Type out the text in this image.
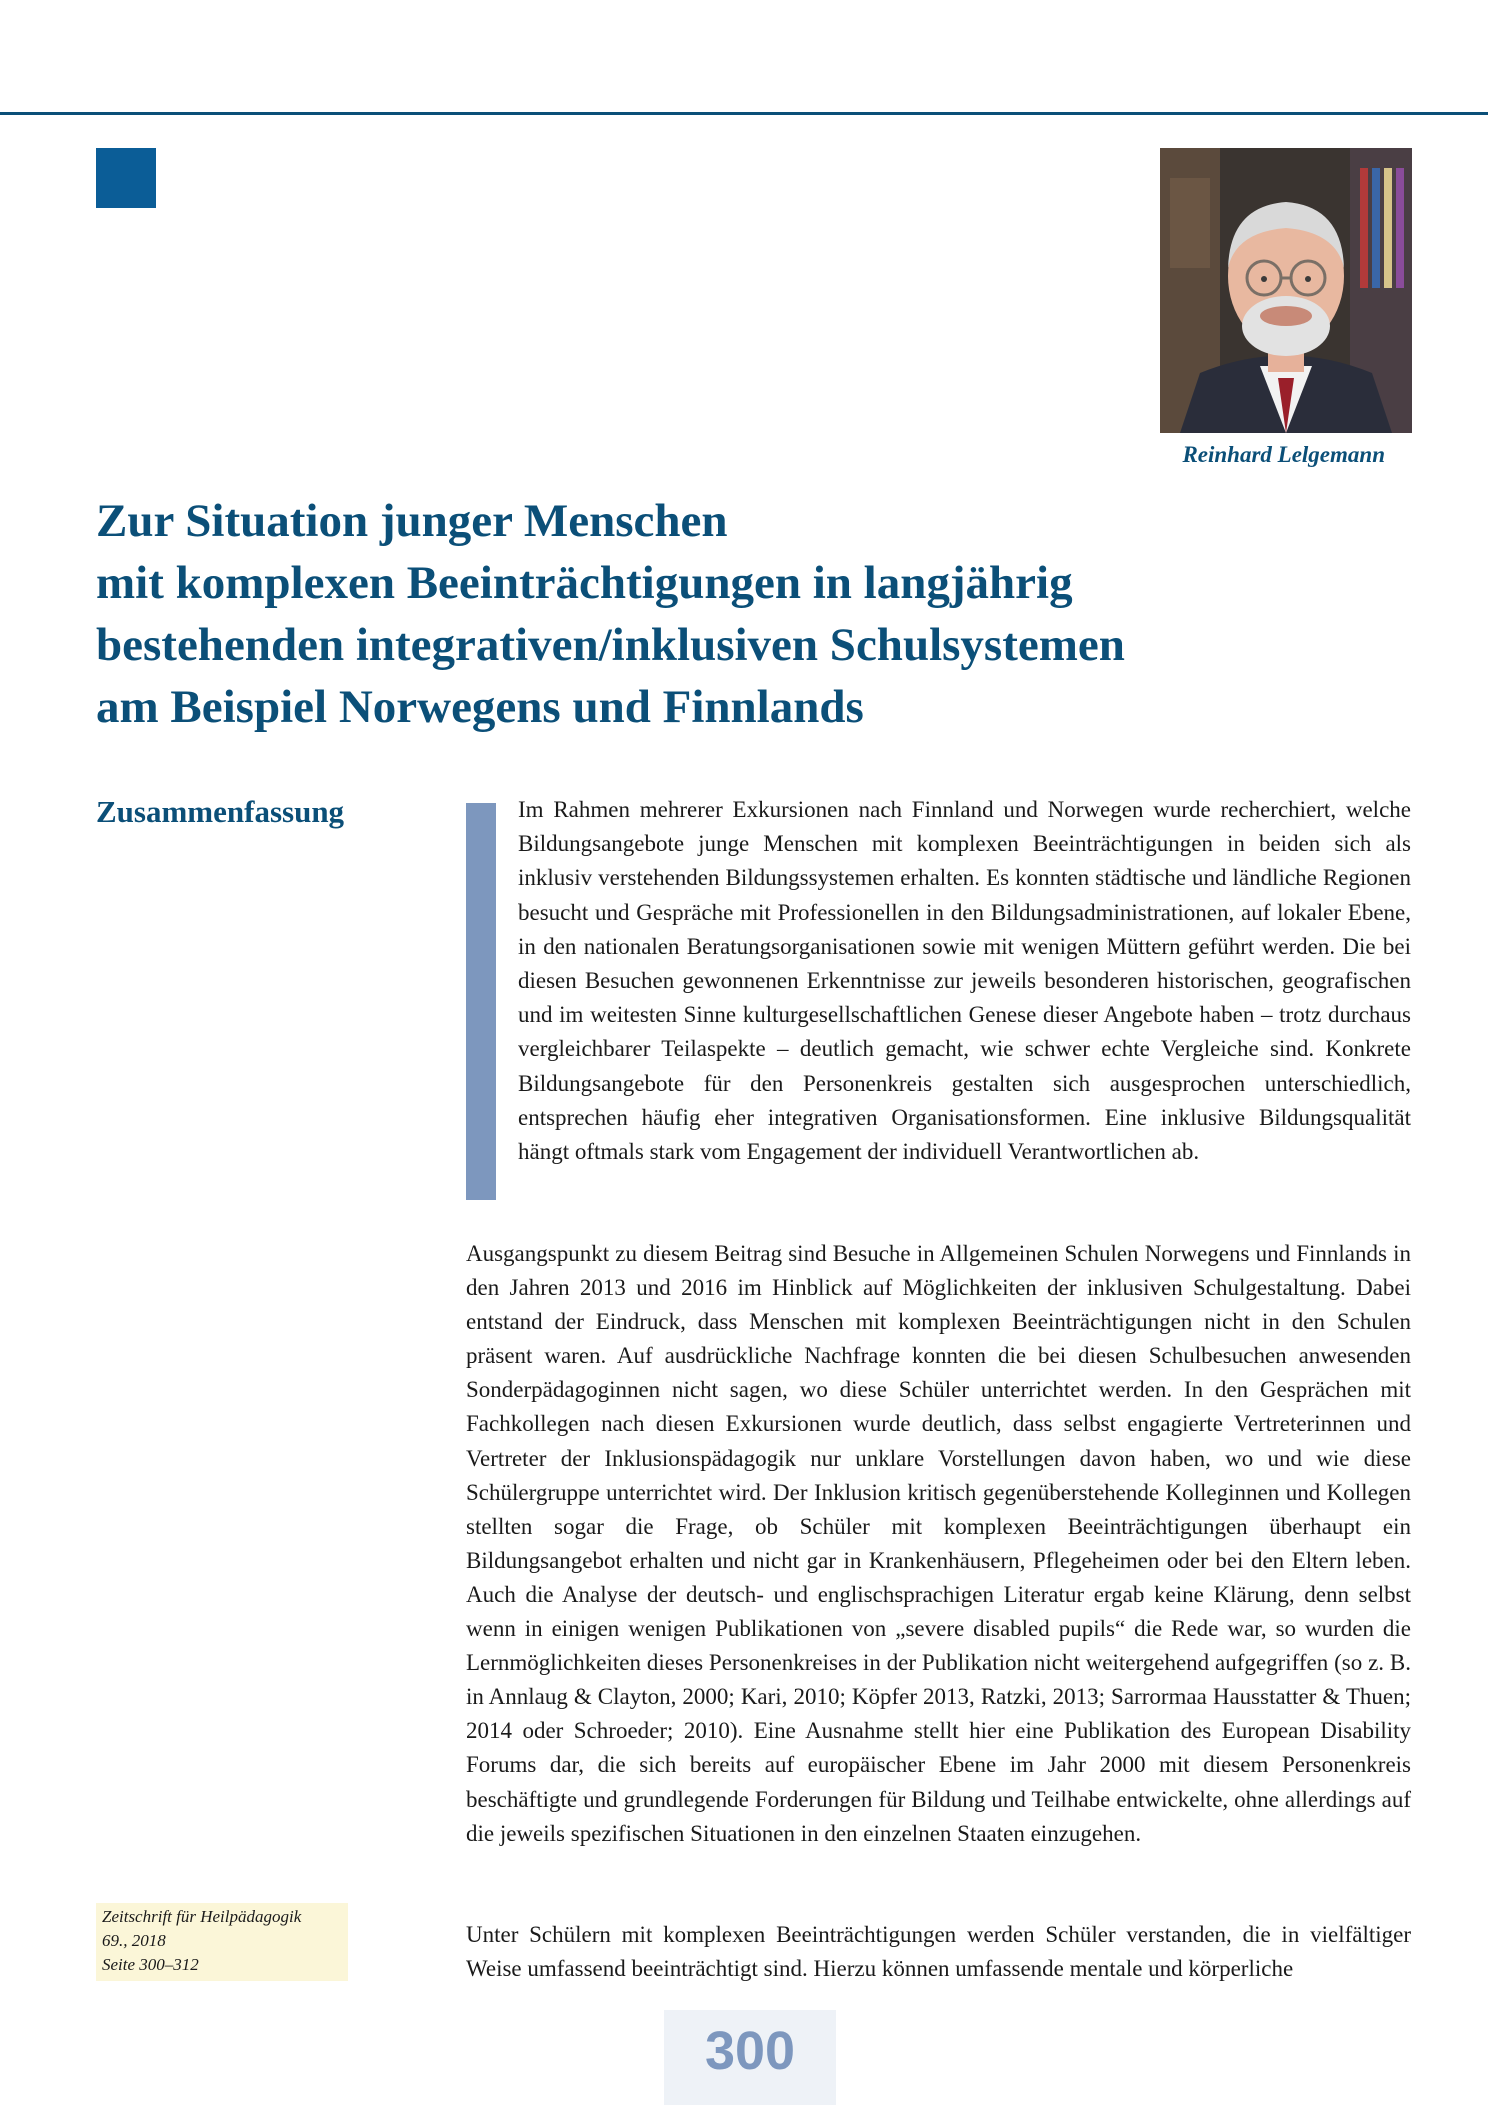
Reinhard Lelgemann
Zur Situation junger Menschen
mit komplexen Beeinträchtigungen in langjährig
bestehenden integrativen/inklusiven Schulsystemen
am Beispiel Norwegens und Finnlands
Zusammenfassung	Im Rahmen mehrerer Exkursionen nach Finnland und Norwegen wurde recherchiert, welche Bildungsangebote junge Menschen mit komplexen Beeinträchtigungen in beiden sich als inklusiv verstehenden Bildungssystemen erhalten. Es konnten städtische und ländliche Regionen besucht und Gespräche mit Professionellen in den Bildungsadministrationen, auf lokaler Ebene, in den nationalen Beratungsorganisationen sowie mit wenigen Müttern geführt werden. Die bei diesen Besuchen gewonnenen Erkenntnisse zur jeweils besonderen historischen, geografischen und im weitesten Sinne kulturgesellschaftlichen Genese dieser Angebote haben – trotz durchaus vergleichbarer Teilaspekte – deutlich gemacht, wie schwer echte Vergleiche sind. Konkrete Bildungsangebote für den Personenkreis gestalten sich ausgesprochen unterschiedlich, entsprechen häufig eher integrativen Organisationsformen. Eine inklusive Bildungsqualität hängt oftmals stark vom Engagement der individuell Verantwortlichen ab.

Ausgangspunkt zu diesem Beitrag sind Besuche in Allgemeinen Schulen Norwegens und Finnlands in den Jahren 2013 und 2016 im Hinblick auf Möglichkeiten der inklusiven Schulgestaltung. Dabei entstand der Eindruck, dass Menschen mit komplexen Beeinträchtigungen nicht in den Schulen präsent waren. Auf ausdrückliche Nachfrage konnten die bei diesen Schulbesuchen anwesenden Sonderpädagoginnen nicht sagen, wo diese Schüler unterrichtet werden. In den Gesprächen mit Fachkollegen nach diesen Exkursionen wurde deutlich, dass selbst engagierte Vertreterinnen und Vertreter der Inklusionspädagogik nur unklare Vorstellungen davon haben, wo und wie diese Schülergruppe unterrichtet wird. Der Inklusion kritisch gegenüberstehende Kolleginnen und Kollegen stellten sogar die Frage, ob Schüler mit komplexen Beeinträchtigungen überhaupt ein Bildungsangebot erhalten und nicht gar in Krankenhäusern, Pflegeheimen oder bei den Eltern leben. Auch die Analyse der deutsch- und englischsprachigen Literatur ergab keine Klärung, denn selbst wenn in einigen wenigen Publikationen von „severe disabled pupils“ die Rede war, so wurden die Lernmöglichkeiten dieses Personenkreises in der Publikation nicht weitergehend aufgegriffen (so z. B. in Annlaug & Clayton, 2000; Kari, 2010; Köpfer 2013, Ratzki, 2013; Sarrormaa Hausstatter & Thuen; 2014 oder Schroeder; 2010). Eine Ausnahme stellt hier eine Publikation des European Disability Forums dar, die sich bereits auf europäischer Ebene im Jahr 2000 mit diesem Personenkreis beschäftigte und grundlegende Forderungen für Bildung und Teilhabe entwickelte, ohne allerdings auf die jeweils spezifischen Situationen in den einzelnen Staaten einzugehen.

Unter Schülern mit komplexen Beeinträchtigungen werden Schüler verstanden, die in vielfältiger Weise umfassend beeinträchtigt sind. Hierzu können umfassende mentale und körperliche

Zeitschrift für Heilpädagogik
69., 2018
Seite 300–312
300
